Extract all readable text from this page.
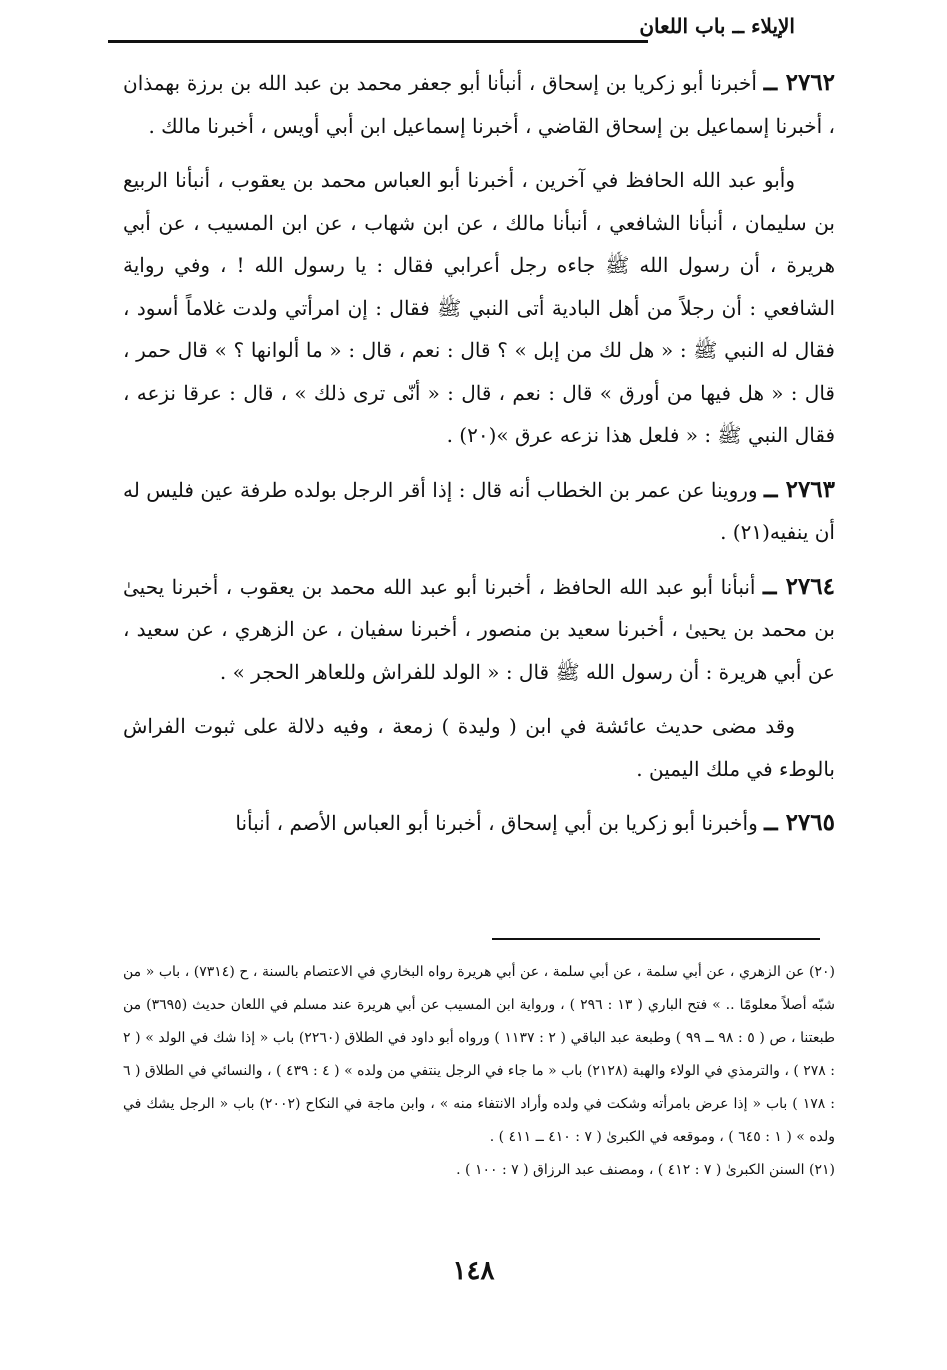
الإيلاء ــ باب اللعان

٢٧٦٢ ــ أخبرنا أبو زكريا بن إسحاق ، أنبأنا أبو جعفر محمد بن عبد الله بن برزة بهمذان ، أخبرنا إسماعيل بن إسحاق القاضي ، أخبرنا إسماعيل ابن أبي أويس ، أخبرنا مالك .

وأبو عبد الله الحافظ في آخرين ، أخبرنا أبو العباس محمد بن يعقوب ، أنبأنا الربيع بن سليمان ، أنبأنا الشافعي ، أنبأنا مالك ، عن ابن شهاب ، عن ابن المسيب ، عن أبي هريرة ، أن رسول الله ﷺ جاءه رجل أعرابي فقال : يا رسول الله ! ، وفي رواية الشافعي : أن رجلاً من أهل البادية أتى النبي ﷺ فقال : إن امرأتي ولدت غلاماً أسود ، فقال له النبي ﷺ : « هل لك من إبل » ؟ قال : نعم ، قال : « ما ألوانها ؟ » قال حمر ، قال : « هل فيها من أورق » قال : نعم ، قال : « أنّى ترى ذلك » ، قال : عرقا نزعه ، فقال النبي ﷺ : « فلعل هذا نزعه عرق »(٢٠) .

٢٧٦٣ ــ وروينا عن عمر بن الخطاب أنه قال : إذا أقر الرجل بولده طرفة عين فليس له أن ينفيه(٢١) .

٢٧٦٤ ــ أنبأنا أبو عبد الله الحافظ ، أخبرنا أبو عبد الله محمد بن يعقوب ، أخبرنا يحيىٰ بن محمد بن يحيىٰ ، أخبرنا سعيد بن منصور ، أخبرنا سفيان ، عن الزهري ، عن سعيد ، عن أبي هريرة : أن رسول الله ﷺ قال : « الولد للفراش وللعاهر الحجر » .

وقد مضى حديث عائشة في ابن ( وليدة ) زمعة ، وفيه دلالة على ثبوت الفراش بالوطء في ملك اليمين .

٢٧٦٥ ــ وأخبرنا أبو زكريا بن أبي إسحاق ، أخبرنا أبو العباس الأصم ، أنبأنا

(٢٠) عن الزهري ، عن أبي سلمة ، عن أبي سلمة ، عن أبي هريرة رواه البخاري في الاعتصام بالسنة ، ح (٧٣١٤) ، باب « من شبّه أصلاً معلومًا .. » فتح الباري ( ١٣ : ٢٩٦ ) ، ورواية ابن المسيب عن أبي هريرة عند مسلم في اللعان حديث (٣٦٩٥) من طبعتنا ، ص ( ٥ : ٩٨ ــ ٩٩ ) وطبعة عبد الباقي ( ٢ : ١١٣٧ ) ورواه أبو داود في الطلاق (٢٢٦٠) باب « إذا شك في الولد » ( ٢ : ٢٧٨ ) ، والترمذي في الولاء والهبة (٢١٢٨) باب « ما جاء في الرجل ينتفي من ولده » ( ٤ : ٤٣٩ ) ، والنسائي في الطلاق ( ٦ : ١٧٨ ) باب « إذا عرض بامرأته وشكت في ولده وأراد الانتفاء منه » ، وابن ماجة في النكاح (٢٠٠٢) باب « الرجل يشك في ولده » ( ١ : ٦٤٥ ) ، وموقعه في الكبرىٰ ( ٧ : ٤١٠ ــ ٤١١ ) .

(٢١) السنن الكبرىٰ ( ٧ : ٤١٢ ) ، ومصنف عبد الرزاق ( ٧ : ١٠٠ ) .

١٤٨
